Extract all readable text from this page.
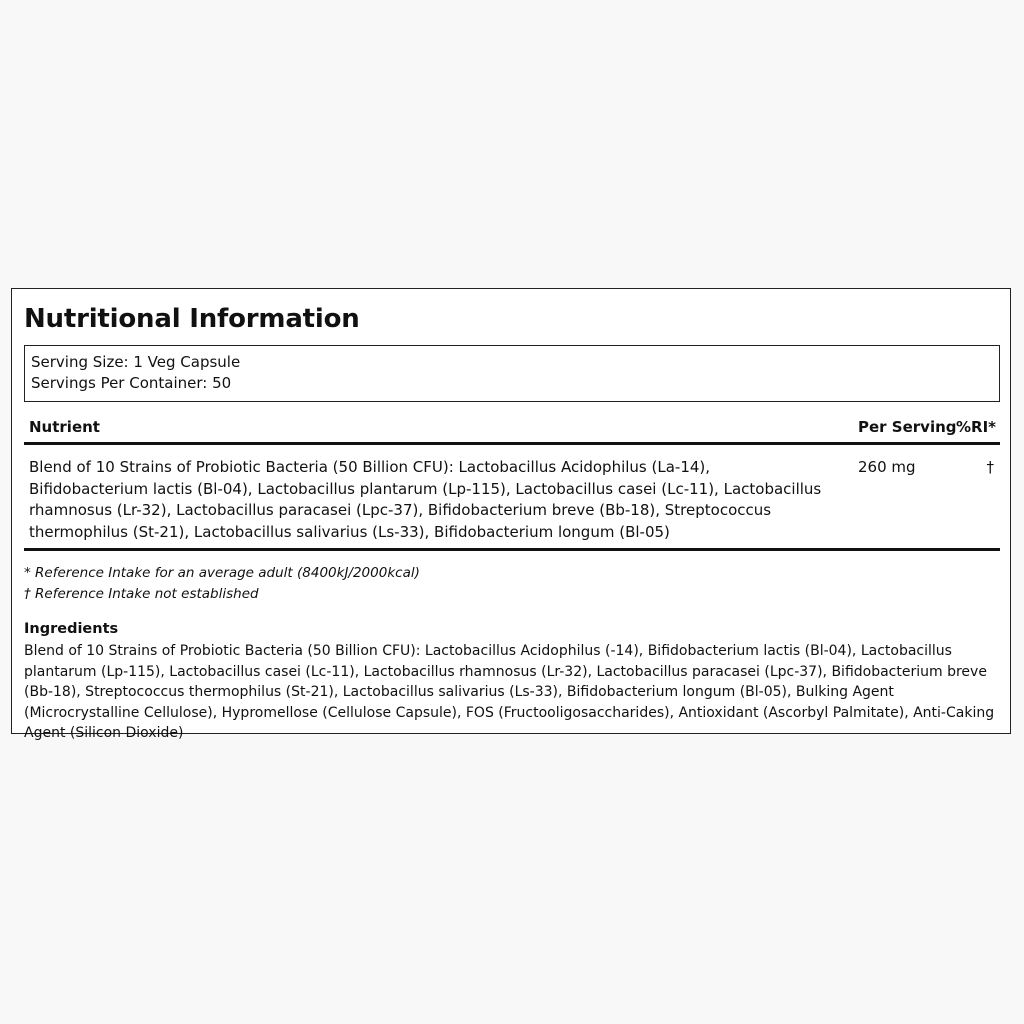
Nutritional Information
Serving Size: 1 Veg Capsule
Servings Per Container: 50
Nutrient	Per Serving %RI*
Blend of 10 Strains of Probiotic Bacteria (50 Billion CFU): Lactobacillus Acidophilus (La-14), Bifidobacterium lactis (Bl-04), Lactobacillus plantarum (Lp-115), Lactobacillus casei (Lc-11), Lactobacillus rhamnosus (Lr-32), Lactobacillus paracasei (Lpc-37), Bifidobacterium breve (Bb-18), Streptococcus thermophilus (St-21), Lactobacillus salivarius (Ls-33), Bifidobacterium longum (Bl-05)
260 mg	†
* Reference Intake for an average adult (8400kJ/2000kcal)
† Reference Intake not established
Ingredients

Blend of 10 Strains of Probiotic Bacteria (50 Billion CFU): Lactobacillus Acidophilus (-14), Bifidobacterium lactis (Bl-04), Lactobacillus plantarum (Lp-115), Lactobacillus casei (Lc-11), Lactobacillus rhamnosus (Lr-32), Lactobacillus paracasei (Lpc-37), Bifidobacterium breve (Bb-18), Streptococcus thermophilus (St-21), Lactobacillus salivarius (Ls-33), Bifidobacterium longum (Bl-05), Bulking Agent (Microcrystalline Cellulose), Hypromellose (Cellulose Capsule), FOS (Fructooligosaccharides), Antioxidant (Ascorbyl Palmitate), Anti-Caking Agent (Silicon Dioxide)
